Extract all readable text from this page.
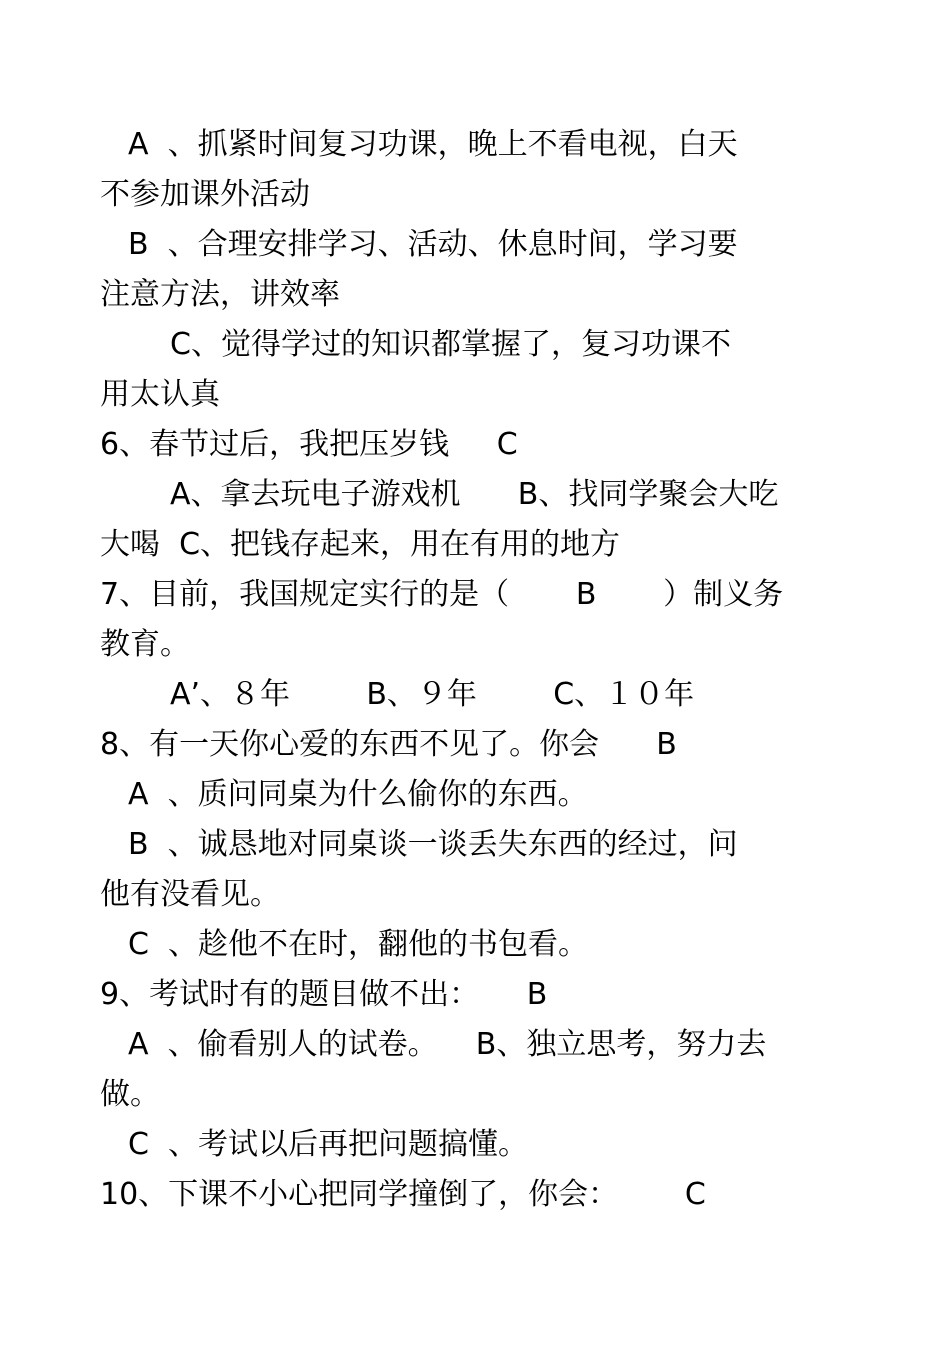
A  、抓紧时间复习功课，晚上不看电视，白天
不参加课外活动
B  、合理安排学习、活动、休息时间，学习要
注意方法，讲效率
C、觉得学过的知识都掌握了，复习功课不
用太认真
6、春节过后，我把压岁钱     C
A、拿去玩电子游戏机      B、找同学聚会大吃
大喝  C、把钱存起来，用在有用的地方
7、目前，我国规定实行的是（       B       ）制义务
教育。
A’、８年        B、９年        C、１０年
8、有一天你心爱的东西不见了。你会      B
A  、质问同桌为什么偷你的东西。
B  、诚恳地对同桌谈一谈丢失东西的经过，问
他有没看见。
C  、趁他不在时，翻他的书包看。
9、考试时有的题目做不出：     B
A  、偷看别人的试卷。    B、独立思考，努力去
做。
C  、考试以后再把问题搞懂。
10、下课不小心把同学撞倒了，你会：       C
